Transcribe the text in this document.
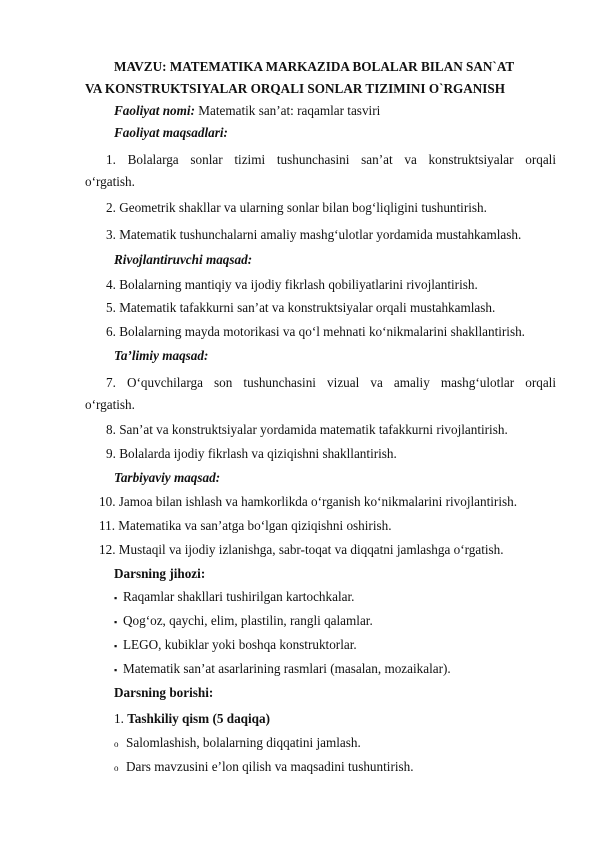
MAVZU: MATEMATIKA MARKAZIDA BOLALAR BILAN SAN`AT
VA KONSTRUKTSIYALAR ORQALI SONLAR TIZIMINI O`RGANISH
Faoliyat nomi: Matematik san’at: raqamlar tasviri
Faoliyat maqsadlari:
1. Bolalarga sonlar tizimi tushunchasini san’at va konstruktsiyalar orqali
o‘rgatish.
2. Geometrik shakllar va ularning sonlar bilan bog‘liqligini tushuntirish.
3. Matematik tushunchalarni amaliy mashg‘ulotlar yordamida mustahkamlash.
Rivojlantiruvchi maqsad:
4. Bolalarning mantiqiy va ijodiy fikrlash qobiliyatlarini rivojlantirish.
5. Matematik tafakkurni san’at va konstruktsiyalar orqali mustahkamlash.
6. Bolalarning mayda motorikasi va qo‘l mehnati ko‘nikmalarini shakllantirish.
Ta’limiy maqsad:
7. O‘quvchilarga son tushunchasini vizual va amaliy mashg‘ulotlar orqali
o‘rgatish.
8. San’at va konstruktsiyalar yordamida matematik tafakkurni rivojlantirish.
9. Bolalarda ijodiy fikrlash va qiziqishni shakllantirish.
Tarbiyaviy maqsad:
10. Jamoa bilan ishlash va hamkorlikda o‘rganish ko‘nikmalarini rivojlantirish.
11. Matematika va san’atga bo‘lgan qiziqishni oshirish.
12. Mustaqil va ijodiy izlanishga, sabr-toqat va diqqatni jamlashga o‘rgatish.
Darsning jihozi:
▪ Raqamlar shakllari tushirilgan kartochkalar.
▪ Qog‘oz, qaychi, elim, plastilin, rangli qalamlar.
▪ LEGO, kubiklar yoki boshqa konstruktorlar.
▪ Matematik san’at asarlarining rasmlari (masalan, mozaikalar).
Darsning borishi:
1. Tashkiliy qism (5 daqiqa)
o Salomlashish, bolalarning diqqatini jamlash.
o Dars mavzusini e’lon qilish va maqsadini tushuntirish.
